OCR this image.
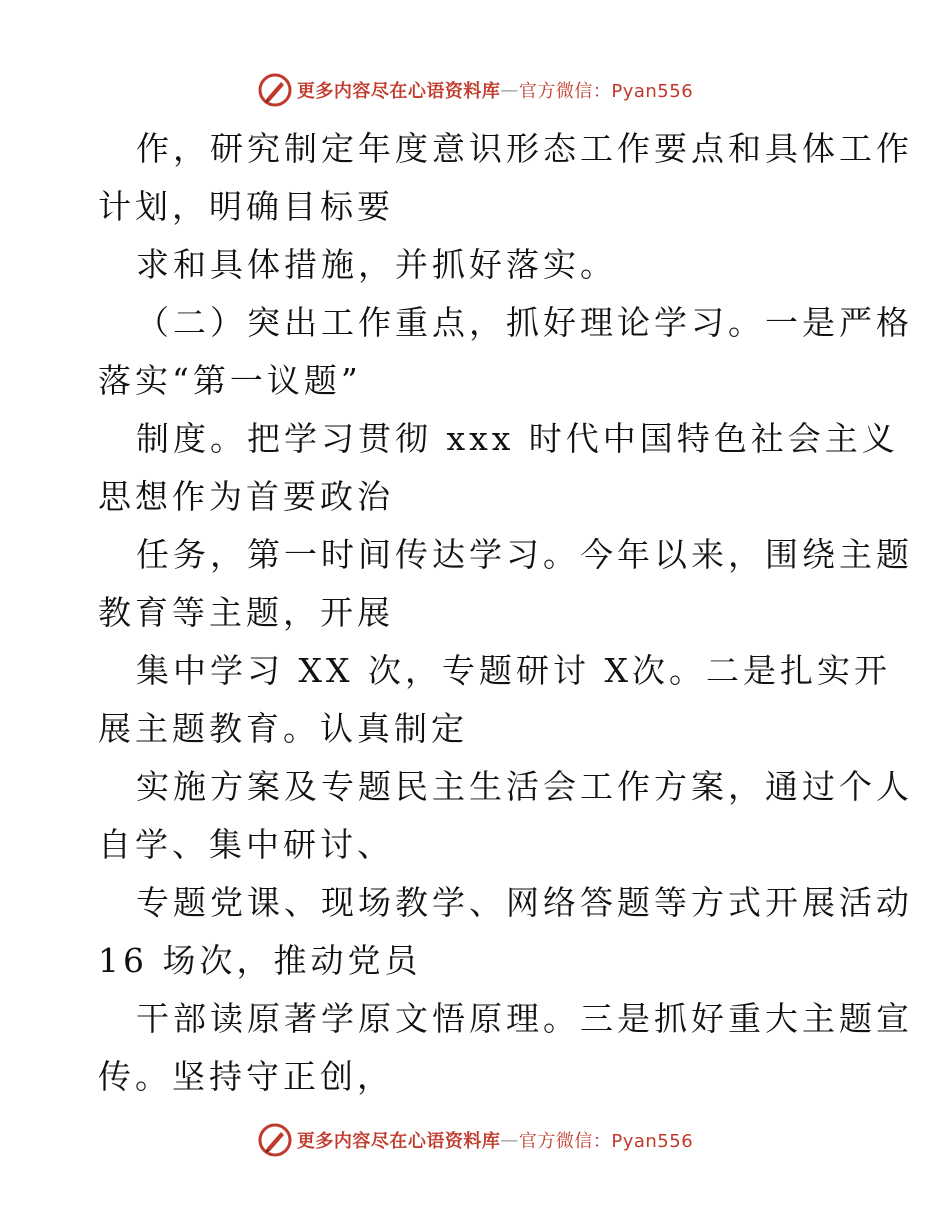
更多内容尽在心语资料库 — 官方微信：Pyan556

作，研究制定年度意识形态工作要点和具体工作
计划，明确目标要

求和具体措施，并抓好落实。

（二）突出工作重点，抓好理论学习。一是严格
落实“第一议题”

制度。把学习贯彻 xxx 时代中国特色社会主义
思想作为首要政治

任务，第一时间传达学习。今年以来，围绕主题
教育等主题，开展

集中学习 XX 次，专题研讨 X次。二是扎实开
展主题教育。认真制定

实施方案及专题民主生活会工作方案，通过个人
自学、集中研讨、

专题党课、现场教学、网络答题等方式开展活动
16 场次，推动党员

干部读原著学原文悟原理。三是抓好重大主题宣
传。坚持守正创，

更多内容尽在心语资料库 — 官方微信：Pyan556
